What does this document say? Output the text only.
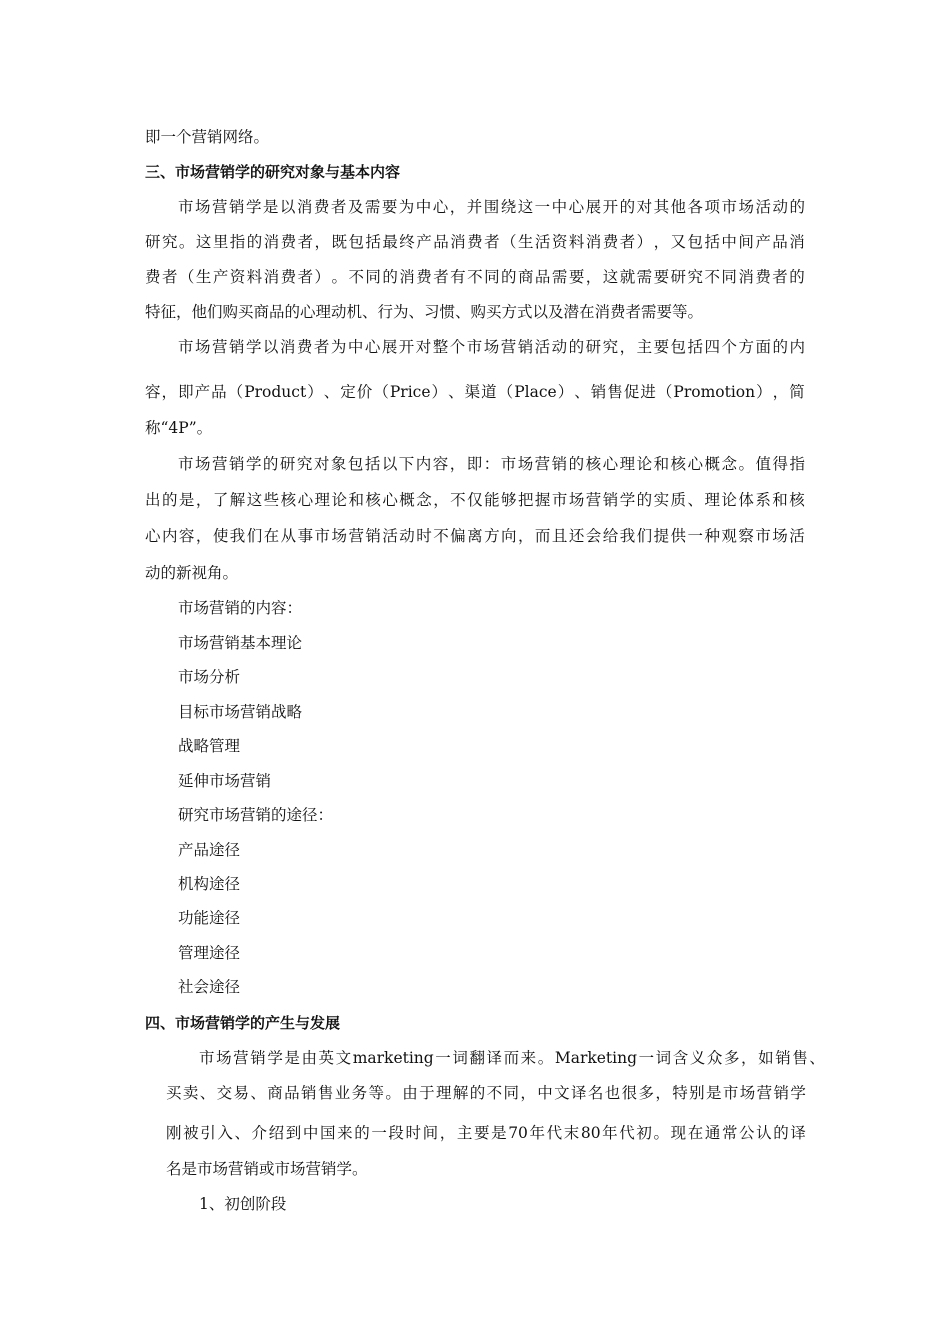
即一个营销网络。
三、市场营销学的研究对象与基本内容
市 场 营 销 学 是 以 消 费 者 及 需 要 为 中 心 ， 并 围 绕 这 一 中 心 展 开 的 对 其 他 各 项 市 场 活 动 的
研 究 。 这 里 指 的 消 费 者 ， 既 包 括 最 终 产 品 消 费 者 （ 生 活 资 料 消 费 者 ） ， 又 包 括 中 间 产 品 消
费 者 （ 生 产 资 料 消 费 者 ） 。 不 同 的 消 费 者 有 不 同 的 商 品 需 要 ， 这 就 需 要 研 究 不 同 消 费 者 的
特征，他们购买商品的心理动机、行为、习惯、购买方式以及潜在消费者需要等。
市 场 营 销 学 以 消 费 者 为 中 心 展 开 对 整 个 市 场 营 销 活 动 的 研 究 ， 主 要 包 括 四 个 方 面 的 内
容 ， 即 产 品 （ Product ） 、 定 价 （ Price ） 、 渠 道 （ Place ） 、 销 售 促 进 （ Promotion ） ， 简
称“4P”。
市 场 营 销 学 的 研 究 对 象 包 括 以 下 内 容 ， 即 ： 市 场 营 销 的 核 心 理 论 和 核 心 概 念 。 值 得 指
出 的 是 ， 了 解 这 些 核 心 理 论 和 核 心 概 念 ， 不 仅 能 够 把 握 市 场 营 销 学 的 实 质 、 理 论 体 系 和 核
心 内 容 ， 使 我 们 在 从 事 市 场 营 销 活 动 时 不 偏 离 方 向 ， 而 且 还 会 给 我 们 提 供 一 种 观 察 市 场 活
动的新视角。
市场营销的内容：
市场营销基本理论
市场分析
目标市场营销战略
战略管理
延伸市场营销
研究市场营销的途径：
产品途径
机构途径
功能途径
管理途径
社会途径
四、市场营销学的产生与发展
市 场 营 销 学 是 由 英 文 marketing 一 词 翻 译 而 来 。 Marketing 一 词 含 义 众 多 ， 如 销 售 、
买 卖 、 交 易 、 商 品 销 售 业 务 等 。 由 于 理 解 的 不 同 ， 中 文 译 名 也 很 多 ， 特 别 是 市 场 营 销 学
刚 被 引 入 、 介 绍 到 中 国 来 的 一 段 时 间 ， 主 要 是 70 年 代 末 80 年 代 初 。 现 在 通 常 公 认 的 译
名是市场营销或市场营销学。
1、初创阶段
